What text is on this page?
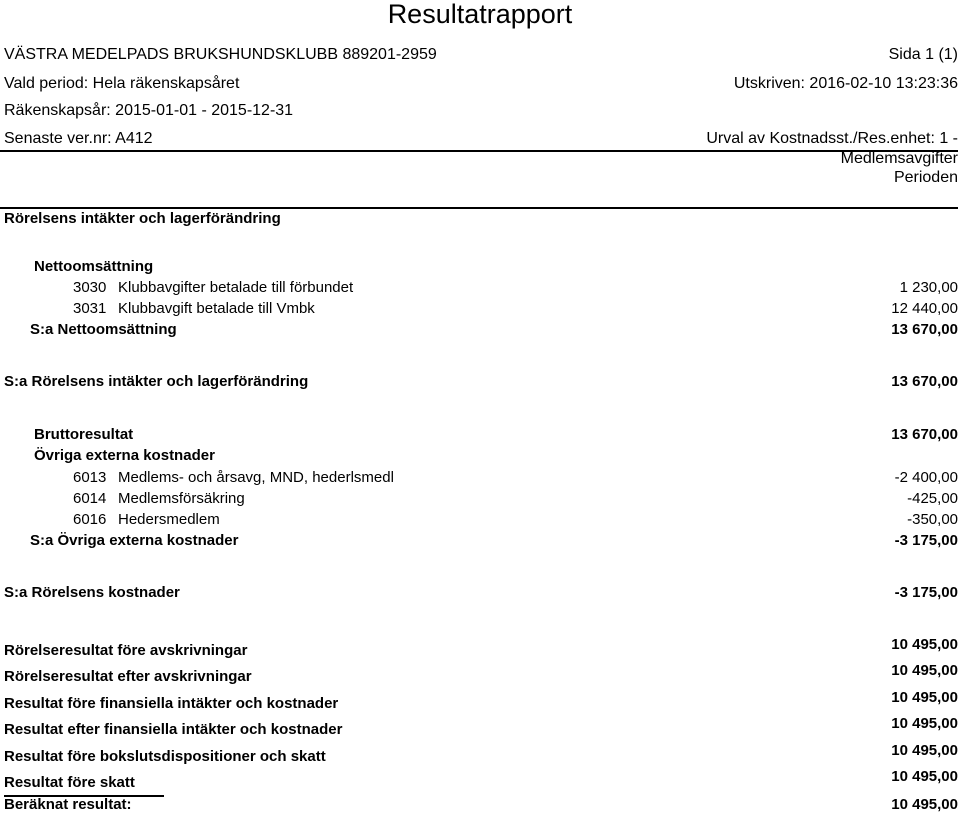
Resultatrapport
VÄSTRA MEDELPADS BRUKSHUNDSKLUBB 889201-2959	Sida 1 (1)
Vald period: Hela räkenskapsåret	Utskriven: 2016-02-10 13:23:36
Räkenskapsår: 2015-01-01 - 2015-12-31
Senaste ver.nr: A412	Urval av Kostnadsst./Res.enhet: 1 -
Medlemsavgifter
Perioden
Rörelsens intäkter och lagerförändring
Nettoomsättning
3030 Klubbavgifter betalade till förbundet	1 230,00
3031 Klubbavgift betalade till Vmbk	12 440,00
S:a Nettoomsättning	13 670,00
S:a Rörelsens intäkter och lagerförändring	13 670,00
Bruttoresultat	13 670,00
Övriga externa kostnader
6013 Medlems- och årsavg, MND, hederlsmedl	-2 400,00
6014 Medlemsförsäkring	-425,00
6016 Hedersmedlem	-350,00
S:a Övriga externa kostnader	-3 175,00
S:a Rörelsens kostnader	-3 175,00
Rörelseresultat före avskrivningar	10 495,00
Rörelseresultat efter avskrivningar	10 495,00
Resultat före finansiella intäkter och kostnader	10 495,00
Resultat efter finansiella intäkter och kostnader	10 495,00
Resultat före bokslutsdispositioner och skatt	10 495,00
Resultat före skatt	10 495,00
Beräknat resultat:	10 495,00
